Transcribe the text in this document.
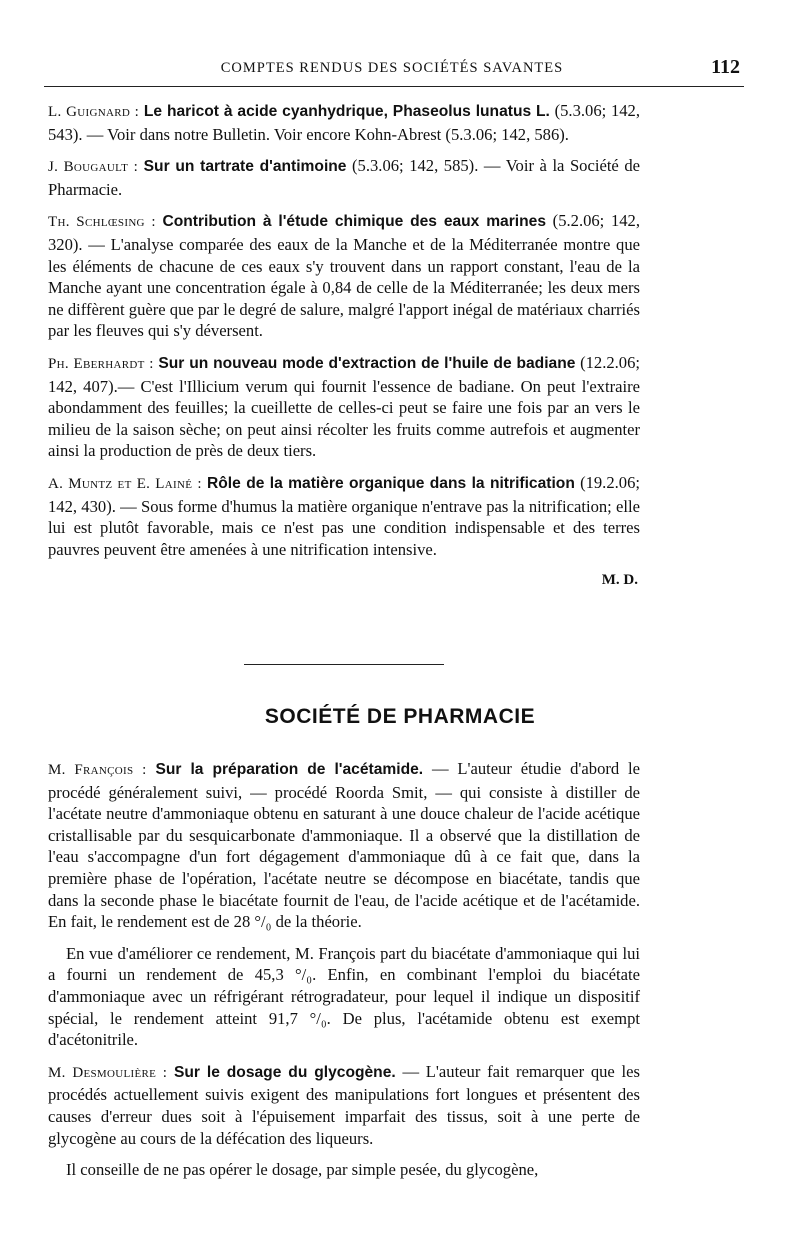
COMPTES RENDUS DES SOCIÉTÉS SAVANTES	112

L. Guignard : Le haricot à acide cyanhydrique, Phaseolus lunatus L. (5.3.06; 142, 543). — Voir dans notre Bulletin. Voir encore Kohn-Abrest (5.3.06; 142, 586).

J. Bougault : Sur un tartrate d'antimoine (5.3.06; 142, 585). — Voir à la Société de Pharmacie.

Th. Schlœsing : Contribution à l'étude chimique des eaux marines (5.2.06; 142, 320). — L'analyse comparée des eaux de la Manche et de la Méditerranée montre que les éléments de chacune de ces eaux s'y trouvent dans un rapport constant, l'eau de la Manche ayant une concentration égale à 0,84 de celle de la Méditerranée; les deux mers ne diffèrent guère que par le degré de salure, malgré l'apport inégal de matériaux charriés par les fleuves qui s'y déversent.

Ph. Eberhardt : Sur un nouveau mode d'extraction de l'huile de badiane (12.2.06; 142, 407).— C'est l'Illicium verum qui fournit l'essence de badiane. On peut l'extraire abondamment des feuilles; la cueillette de celles-ci peut se faire une fois par an vers le milieu de la saison sèche; on peut ainsi récolter les fruits comme autrefois et augmenter ainsi la production de près de deux tiers.

A. Muntz et E. Lainé : Rôle de la matière organique dans la nitrification (19.2.06; 142, 430). — Sous forme d'humus la matière organique n'entrave pas la nitrification; elle lui est plutôt favorable, mais ce n'est pas une condition indispensable et des terres pauvres peuvent être amenées à une nitrification intensive.

M. D.
SOCIÉTÉ DE PHARMACIE

M. François : Sur la préparation de l'acétamide. — L'auteur étudie d'abord le procédé généralement suivi, — procédé Roorda Smit, — qui consiste à distiller de l'acétate neutre d'ammoniaque obtenu en saturant à une douce chaleur de l'acide acétique cristallisable par du sesquicarbonate d'ammoniaque. Il a observé que la distillation de l'eau s'accompagne d'un fort dégagement d'ammoniaque dû à ce fait que, dans la première phase de l'opération, l'acétate neutre se décompose en biacétate, tandis que dans la seconde phase le biacétate fournit de l'eau, de l'acide acétique et de l'acétamide. En fait, le rendement est de 28 °/₀ de la théorie.

En vue d'améliorer ce rendement, M. François part du biacétate d'ammoniaque qui lui a fourni un rendement de 45,3 °/₀. Enfin, en combinant l'emploi du biacétate d'ammoniaque avec un réfrigérant rétrogradateur, pour lequel il indique un dispositif spécial, le rendement atteint 91,7 °/₀. De plus, l'acétamide obtenu est exempt d'acétonitrile.

M. Desmoulière : Sur le dosage du glycogène. — L'auteur fait remarquer que les procédés actuellement suivis exigent des manipulations fort longues et présentent des causes d'erreur dues soit à l'épuisement imparfait des tissus, soit à une perte de glycogène au cours de la défécation des liqueurs.

Il conseille de ne pas opérer le dosage, par simple pesée, du glycogène,
